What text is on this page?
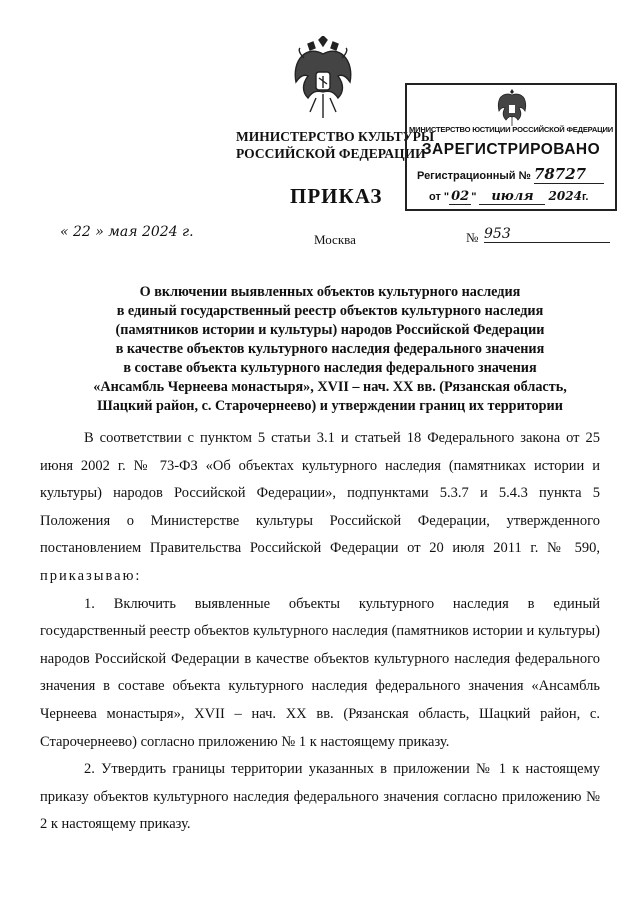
МИНИСТЕРСТВО КУЛЬТУРЫ
РОССИЙСКОЙ ФЕДЕРАЦИИ
ПРИКАЗ
МИНИСТЕРСТВО ЮСТИЦИИ РОССИЙСКОЙ ФЕДЕРАЦИИ
ЗАРЕГИСТРИРОВАНО
Регистрационный № 78727
от " 02 " июля 2024г.
« 22 » мая 2024 г.	Москва	№ 953
О включении выявленных объектов культурного наследия
в единый государственный реестр объектов культурного наследия
(памятников истории и культуры) народов Российской Федерации
в качестве объектов культурного наследия федерального значения
в составе объекта культурного наследия федерального значения
«Ансамбль Чернеева монастыря», XVII – нач. XX вв. (Рязанская область,
Шацкий район, с. Старочернеево) и утверждении границ их территории

В соответствии с пунктом 5 статьи 3.1 и статьей 18 Федерального закона от 25 июня 2002 г. № 73-ФЗ «Об объектах культурного наследия (памятниках истории и культуры) народов Российской Федерации», подпунктами 5.3.7 и 5.4.3 пункта 5 Положения о Министерстве культуры Российской Федерации, утвержденного постановлением Правительства Российской Федерации от 20 июля 2011 г. № 590, приказываю:

1. Включить выявленные объекты культурного наследия в единый государственный реестр объектов культурного наследия (памятников истории и культуры) народов Российской Федерации в качестве объектов культурного наследия федерального значения в составе объекта культурного наследия федерального значения «Ансамбль Чернеева монастыря», XVII – нач. XX вв. (Рязанская область, Шацкий район, с. Старочернеево) согласно приложению № 1 к настоящему приказу.

2. Утвердить границы территории указанных в приложении № 1 к настоящему приказу объектов культурного наследия федерального значения согласно приложению № 2 к настоящему приказу.
